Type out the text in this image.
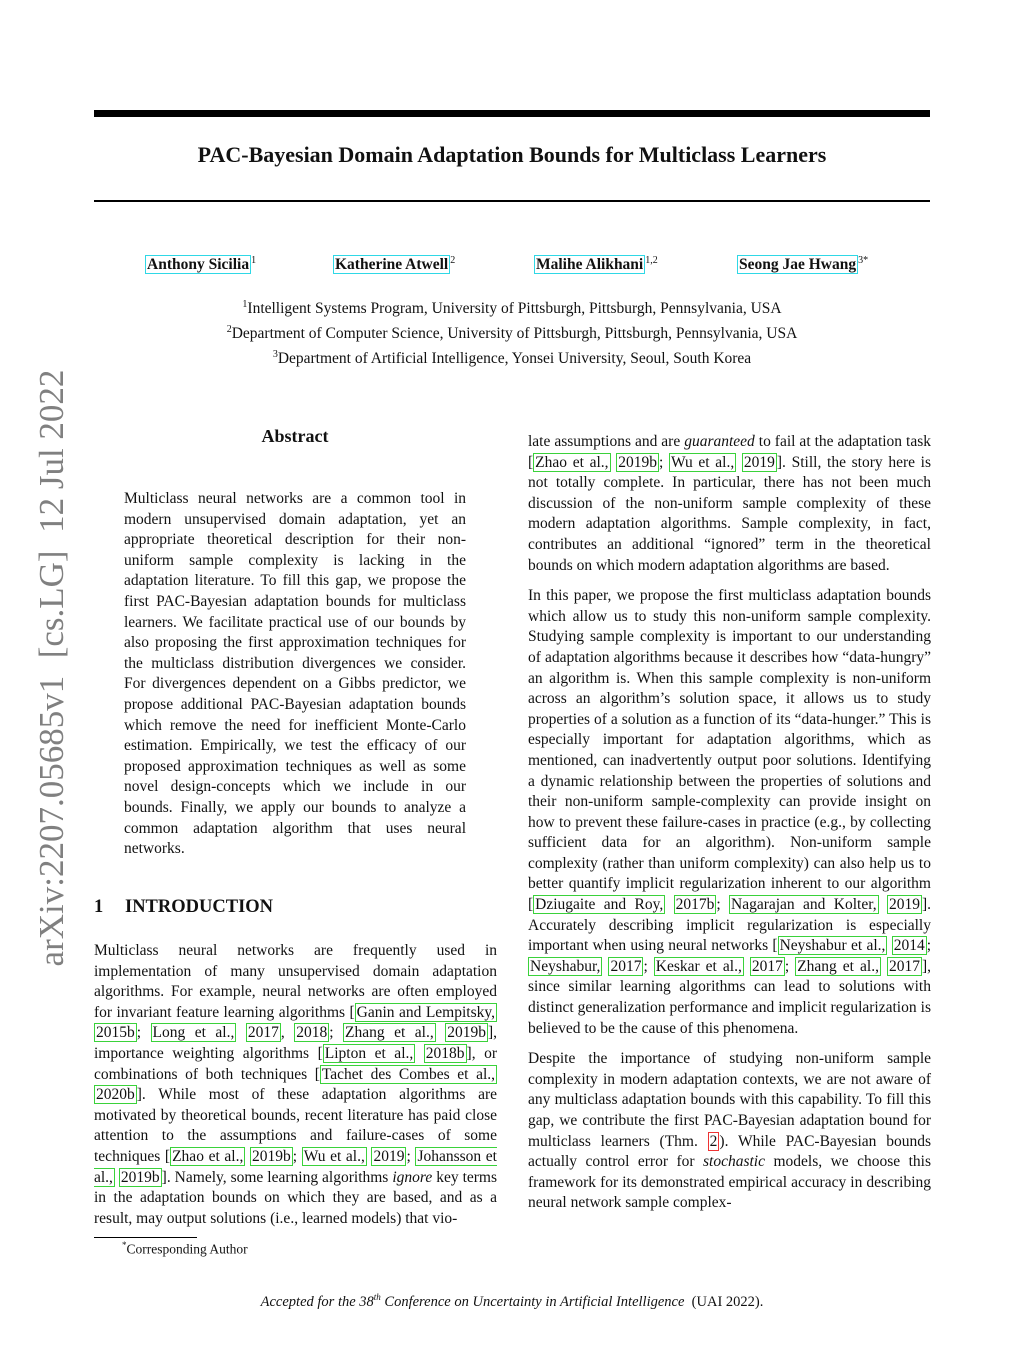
PAC-Bayesian Domain Adaptation Bounds for Multiclass Learners
Anthony Sicilia $^1$	Katherine Atwell $^2$	Malihe Alikhani $^{1,2}$	Seong Jae Hwang $^{3*}$
$^1$Intelligent Systems Program, University of Pittsburgh, Pittsburgh, Pennsylvania, USA
$^2$Department of Computer Science, University of Pittsburgh, Pittsburgh, Pennsylvania, USA
$^3$Department of Artificial Intelligence, Yonsei University, Seoul, South Korea
arXiv:2207.05685v1  [cs.LG]  12 Jul 2022	Abstract
Multiclass neural networks are a common tool in modern unsupervised domain adaptation, yet an appropriate theoretical description for their non-uniform sample complexity is lacking in the adaptation literature. To fill this gap, we propose the first PAC-Bayesian adaptation bounds for multiclass learners. We facilitate practical use of our bounds by also proposing the first approximation techniques for the multiclass distribution divergences we consider. For divergences dependent on a Gibbs predictor, we propose additional PAC-Bayesian adaptation bounds which remove the need for inefficient Monte-Carlo estimation. Empirically, we test the efficacy of our proposed approximation techniques as well as some novel design-concepts which we include in our bounds. Finally, we apply our bounds to analyze a common adaptation algorithm that uses neural networks.
1 INTRODUCTION
Multiclass neural networks are frequently used in implementation of many unsupervised domain adaptation algorithms. For example, neural networks are often employed for invariant feature learning algorithms [ Ganin and Lempitsky, 2015b ; Long et al., 2017 , 2018 ; Zhang et al., 2019b ], importance weighting algorithms [ Lipton et al., 2018b ], or combinations of both techniques [ Tachet des Combes et al., 2020b ]. While most of these adaptation algorithms are motivated by theoretical bounds, recent literature has paid close attention to the assumptions and failure-cases of some techniques [ Zhao et al., 2019b ; Wu et al., 2019 ; Johansson et al., 2019b ]. Namely, some learning algorithms ignore key terms in the adaptation bounds on which they are based, and as a result, may output solutions (i.e., learned models) that vio-

late assumptions and are guaranteed to fail at the adaptation task [ Zhao et al., 2019b ; Wu et al., 2019 ]. Still, the story here is not totally complete. In particular, there has not been much discussion of the non-uniform sample complexity of these modern adaptation algorithms. Sample complexity, in fact, contributes an additional “ignored” term in the theoretical bounds on which modern adaptation algorithms are based.

In this paper, we propose the first multiclass adaptation bounds which allow us to study this non-uniform sample complexity. Studying sample complexity is important to our understanding of adaptation algorithms because it describes how “data-hungry” an algorithm is. When this sample complexity is non-uniform across an algorithm’s solution space, it allows us to study properties of a solution as a function of its “data-hunger.” This is especially important for adaptation algorithms, which as mentioned, can inadvertently output poor solutions. Identifying a dynamic relationship between the properties of solutions and their non-uniform sample-complexity can provide insight on how to prevent these failure-cases in practice (e.g., by collecting sufficient data for an algorithm). Non-uniform sample complexity (rather than uniform complexity) can also help us to better quantify implicit regularization inherent to our algorithm [ Dziugaite and Roy, 2017b ; Nagarajan and Kolter, 2019 ]. Accurately describing implicit regularization is especially important when using neural networks [ Neyshabur et al., 2014 ; Neyshabur, 2017 ; Keskar et al., 2017 ; Zhang et al., 2017 ], since similar learning algorithms can lead to solutions with distinct generalization performance and implicit regularization is believed to be the cause of this phenomena.

Despite the importance of studying non-uniform sample complexity in modern adaptation contexts, we are not aware of any multiclass adaptation bounds with this capability. To fill this gap, we contribute the first PAC-Bayesian adaptation bound for multiclass learners (Thm. 2 ). While PAC-Bayesian bounds actually control error for stochastic models, we choose this framework for its demonstrated empirical accuracy in describing neural network sample complex-

*Corresponding Author
Accepted for the 38th Conference on Uncertainty in Artificial Intelligence (UAI 2022).
